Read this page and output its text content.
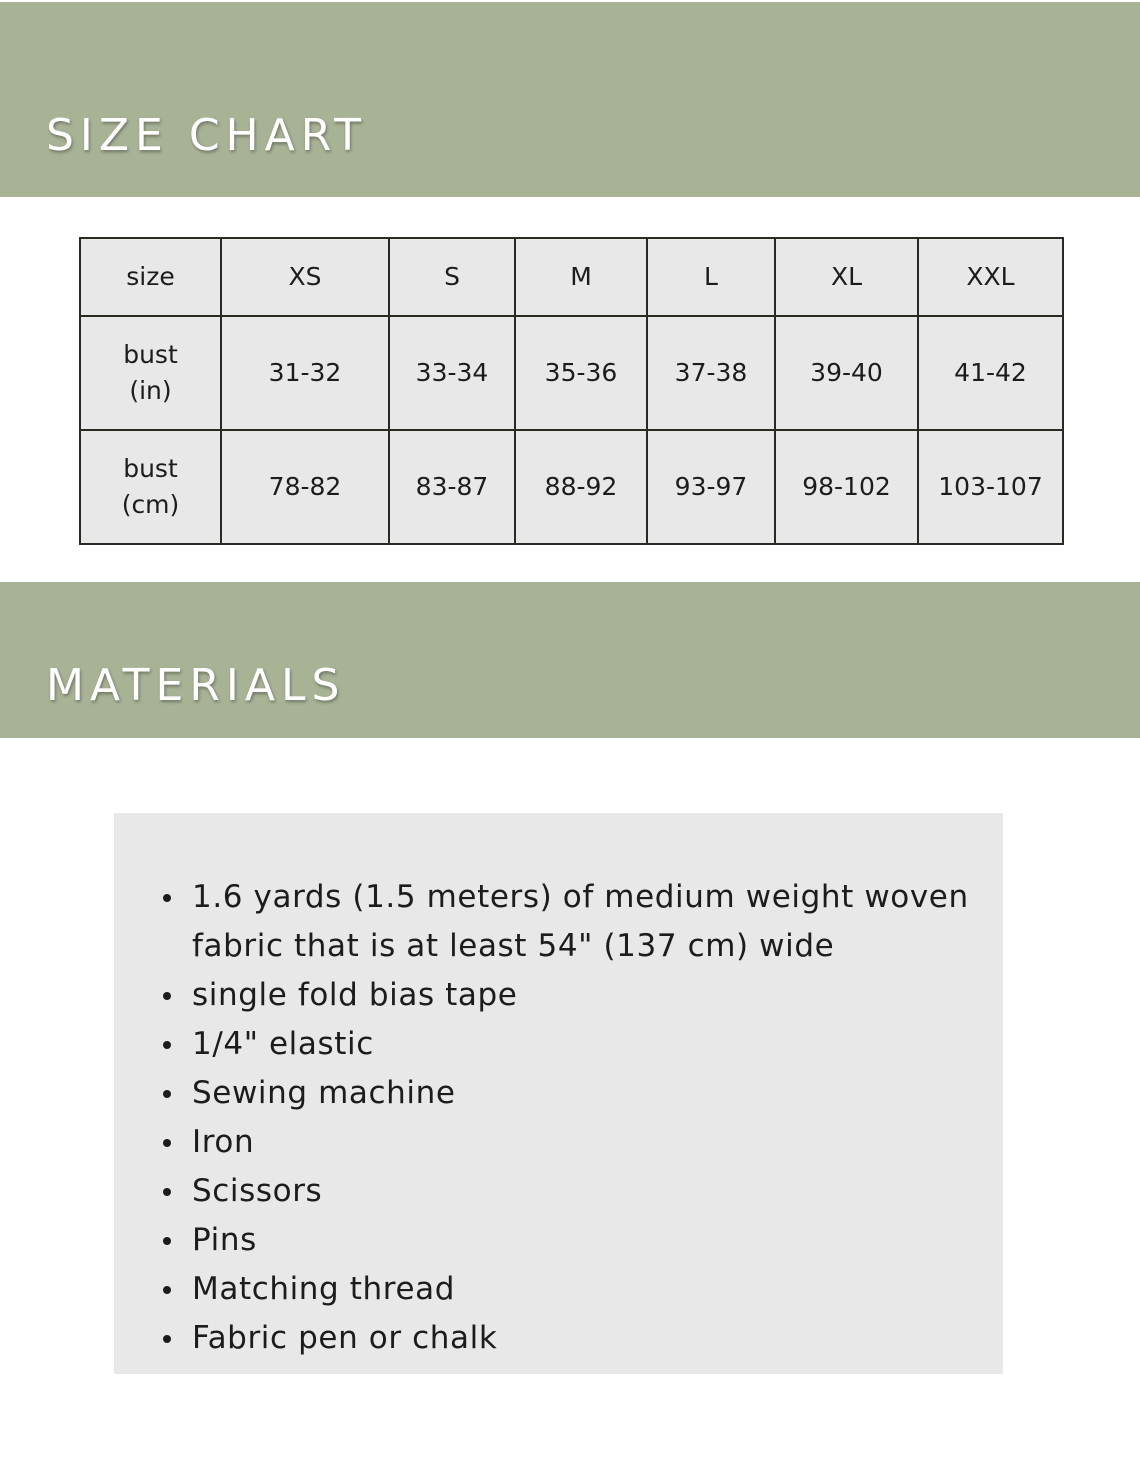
SIZE CHART
size	XS	S	M	L	XL	XXL
bust
(in)	31-32	33-34	35-36	37-38	39-40	41-42
bust
(cm)	78-82	83-87	88-92	93-97	98-102	103-107
MATERIALS
1.6 yards (1.5 meters) of medium weight woven fabric that is at least 54" (137 cm) wide
single fold bias tape
1/4" elastic
Sewing machine
Iron
Scissors
Pins
Matching thread
Fabric pen or chalk
